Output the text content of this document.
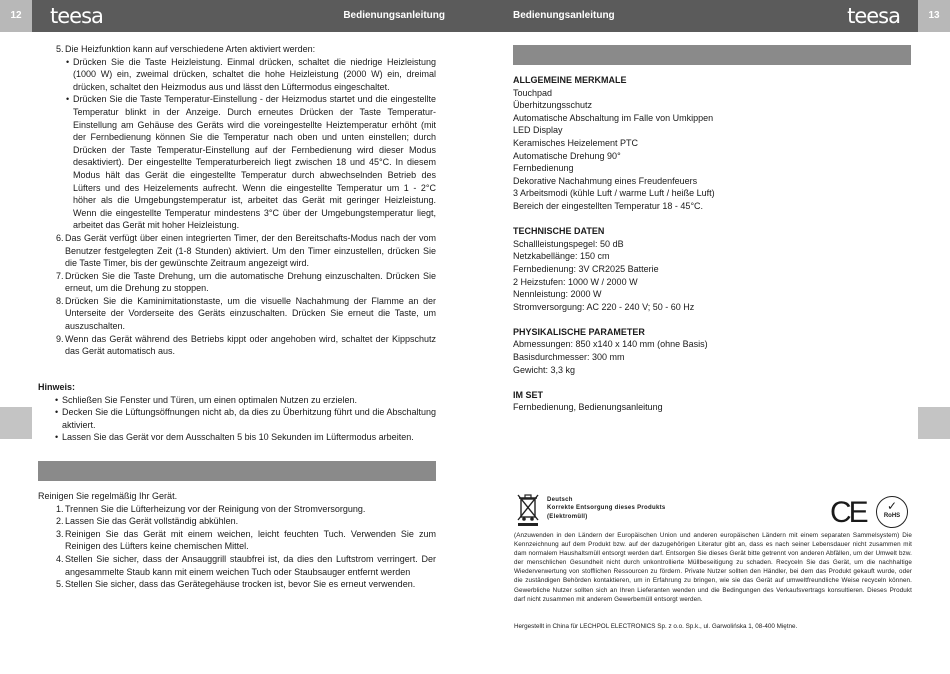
12	teesa	Bedienungsanleitung
5. Die Heizfunktion kann auf verschiedene Arten aktiviert werden:

• Drücken Sie die Taste Heizleistung. Einmal drücken, schaltet die niedrige Heizleistung (1000 W) ein, zweimal drücken, schaltet die hohe Heizleistung (2000 W) ein, dreimal drücken, schaltet den Heizmodus aus und lässt den Lüftermodus eingeschaltet.

• Drücken Sie die Taste Temperatur-Einstellung - der Heizmodus startet und die eingestellte Temperatur blinkt in der Anzeige. Durch erneutes Drücken der Taste Temperatur-Einstellung am Gehäuse des Geräts wird die voreingestellte Heiztemperatur erhöht (mit der Fernbedienung können Sie die Temperatur nach oben und unten einstellen; durch Drücken der Taste Temperatur-Einstellung auf der Fernbedienung wird dieser Modus desaktiviert). Der eingestellte Temperaturbereich liegt zwischen 18 und 45°C. In diesem Modus hält das Gerät die eingestellte Temperatur durch abwechselnden Betrieb des Lüfters und des Heizelements aufrecht. Wenn die eingestellte Temperatur um 1 - 2°C höher als die Umgebungstemperatur ist, arbeitet das Gerät mit geringer Heizleistung. Wenn die eingestellte Temperatur mindestens 3°C über der Umgebungstemperatur liegt, arbeitet das Gerät mit hoher Heizleistung.

6. Das Gerät verfügt über einen integrierten Timer, der den Bereitschafts-Modus nach der vom Benutzer festgelegten Zeit (1-8 Stunden) aktiviert. Um den Timer einzustellen, drücken Sie die Taste Timer, bis der gewünschte Zeitraum angezeigt wird.

7. Drücken Sie die Taste Drehung, um die automatische Drehung einzuschalten. Drücken Sie erneut, um die Drehung zu stoppen.

8. Drücken Sie die Kaminimitationstaste, um die visuelle Nachahmung der Flamme an der Unterseite der Vorderseite des Geräts einzuschalten. Drücken Sie erneut die Taste, um auszuschalten.

9. Wenn das Gerät während des Betriebs kippt oder angehoben wird, schaltet der Kippschutz das Gerät automatisch aus.

Hinweis:

• Schließen Sie Fenster und Türen, um einen optimalen Nutzen zu erzielen.

• Decken Sie die Lüftungsöffnungen nicht ab, da dies zu Überhitzung führt und die Abschaltung aktiviert.

• Lassen Sie das Gerät vor dem Ausschalten 5 bis 10 Sekunden im Lüftermodus arbeiten.

Reinigen Sie regelmäßig Ihr Gerät.

1. Trennen Sie die Lüfterheizung vor der Reinigung von der Stromversorgung.

2. Lassen Sie das Gerät vollständig abkühlen.

3. Reinigen Sie das Gerät mit einem weichen, leicht feuchten Tuch. Verwenden Sie zum Reinigen des Lüfters keine chemischen Mittel.

4. Stellen Sie sicher, dass der Ansauggrill staubfrei ist, da dies den Luftstrom verringert. Der angesammelte Staub kann mit einem weichen Tuch oder Staubsauger entfernt werden

5. Stellen Sie sicher, dass das Gerätegehäuse trocken ist, bevor Sie es erneut verwenden.

13
Bedienungsanleitung	teesa

ALLGEMEINE MERKMALE

Touchpad

Überhitzungsschutz

Automatische Abschaltung im Falle von Umkippen

LED Display

Keramisches Heizelement PTC

Automatische Drehung 90°

Fernbedienung

Dekorative Nachahmung eines Freudenfeuers

3 Arbeitsmodi (kühle Luft / warme Luft / heiße Luft)

Bereich der eingestellten Temperatur 18 - 45°C.

TECHNISCHE DATEN

Schallleistungspegel: 50 dB

Netzkabellänge: 150 cm

Fernbedienung: 3V CR2025 Batterie

2 Heizstufen: 1000 W / 2000 W

Nennleistung: 2000 W

Stromversorgung: AC 220 - 240 V; 50 - 60 Hz

PHYSIKALISCHE PARAMETER

Abmessungen: 850 x140 x 140 mm (ohne Basis)

Basisdurchmesser: 300 mm

Gewicht: 3,3 kg

IM SET

Fernbedienung, Bedienungsanleitung

Deutsch
Korrekte Entsorgung dieses Produkts
(Elektromüll)	CE	✓
RoHS

(Anzuwenden in den Ländern der Europäischen Union und anderen europäischen Ländern mit einem separaten Sammelsystem) Die Kennzeichnung auf dem Produkt bzw. auf der dazugehörigen Literatur gibt an, dass es nach seiner Lebensdauer nicht zusammen mit dam normalem Haushaltsmüll entsorgt werden darf. Entsorgen Sie dieses Gerät bitte getrennt von anderen Abfällen, um der Umwelt bzw. der menschlichen Gesundheit nicht durch unkontrollierte Müllbeseitigung zu schaden. Recyceln Sie das Gerät, um die nachhaltige Wiederverwertung von stofflichen Ressourcen zu fördern. Private Nutzer sollten den Händler, bei dem das Produkt gekauft wurde, oder die zuständigen Behörden kontaktieren, um in Erfahrung zu bringen, wie sie das Gerät auf umweltfreundliche Weise recyceln können. Gewerbliche Nutzer sollten sich an Ihren Lieferanten wenden und die Bedingungen des Verkaufsvertrags konsultieren. Dieses Produkt darf nicht zusammen mit anderem Gewerbemüll entsorgt werden.

Hergestellt in China für LECHPOL ELECTRONICS Sp. z o.o. Sp.k., ul. Garwolińska 1, 08-400 Miętne.
